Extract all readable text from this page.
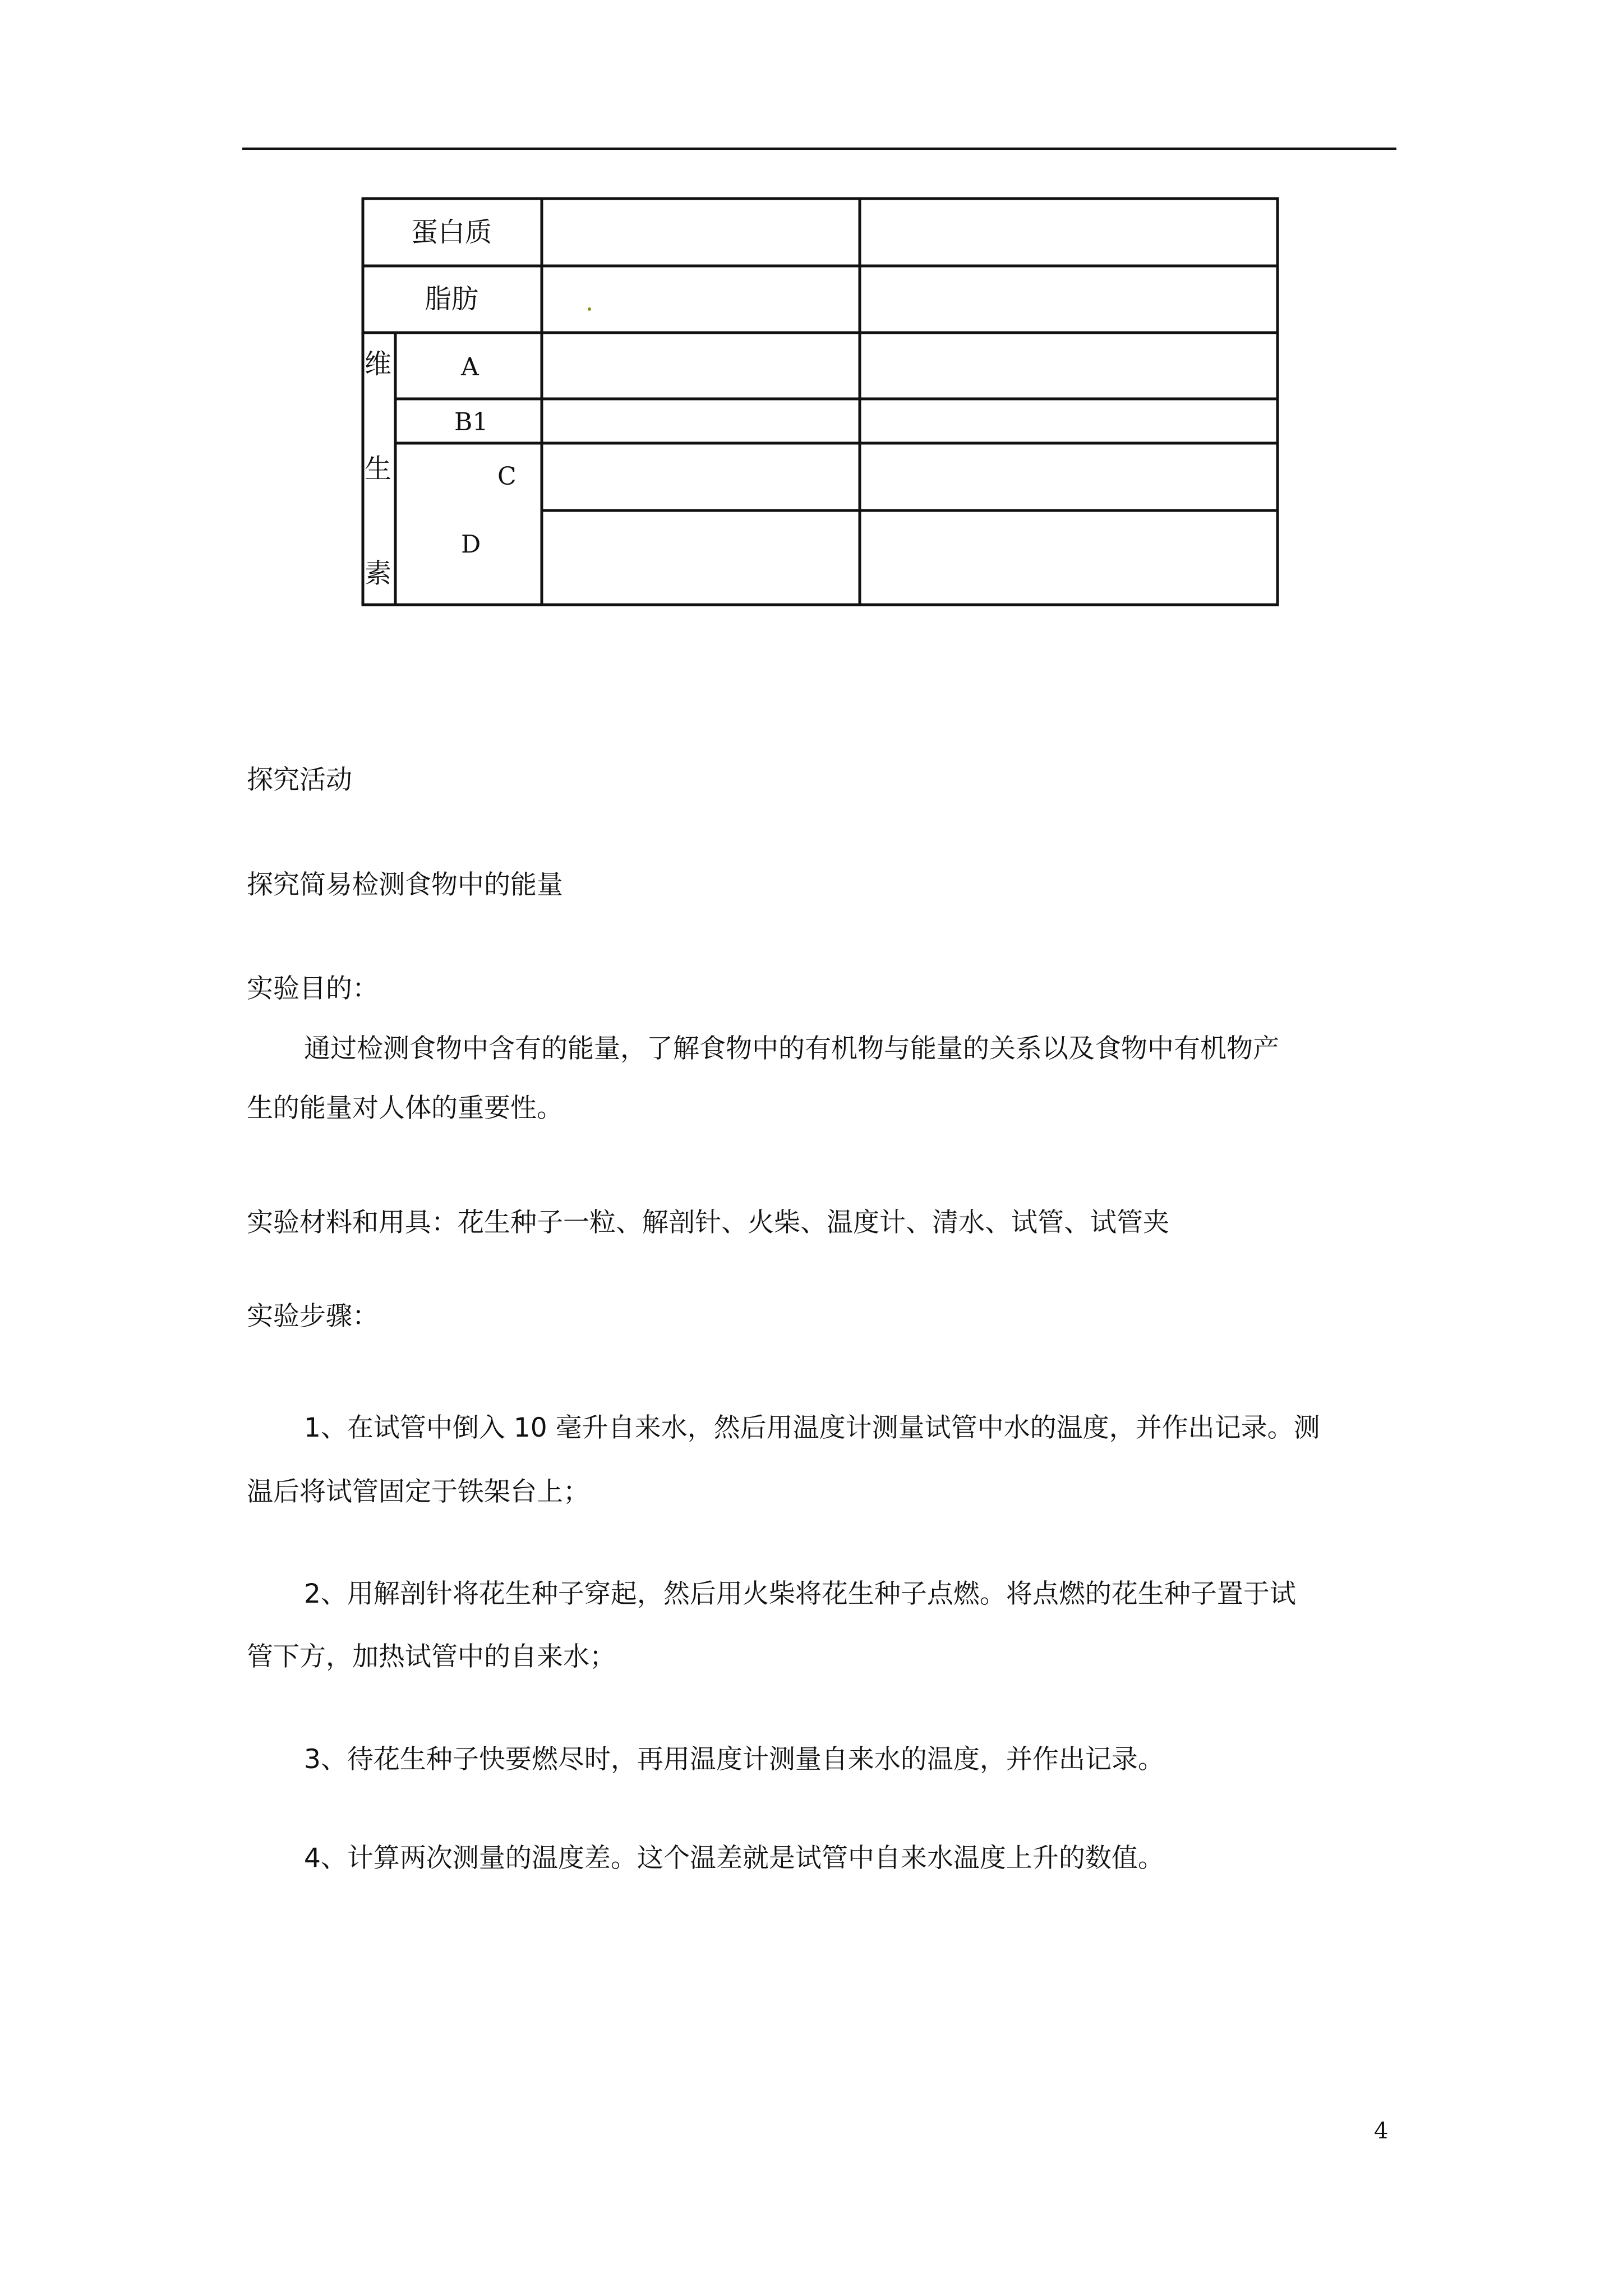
蛋白质
脂肪
维
生
素
A
B1
C
D
探究活动
探究简易检测食物中的能量
实验目的：
通过检测食物中含有的能量，了解食物中的有机物与能量的关系以及食物中有机物产
生的能量对人体的重要性。
实验材料和用具：花生种子一粒、解剖针、火柴、温度计、清水、试管、试管夹
实验步骤：
1、在试管中倒入 10 毫升自来水，然后用温度计测量试管中水的温度，并作出记录。测
温后将试管固定于铁架台上；
2、用解剖针将花生种子穿起，然后用火柴将花生种子点燃。将点燃的花生种子置于试
管下方，加热试管中的自来水；
3、待花生种子快要燃尽时，再用温度计测量自来水的温度，并作出记录。
4、计算两次测量的温度差。这个温差就是试管中自来水温度上升的数值。
4
